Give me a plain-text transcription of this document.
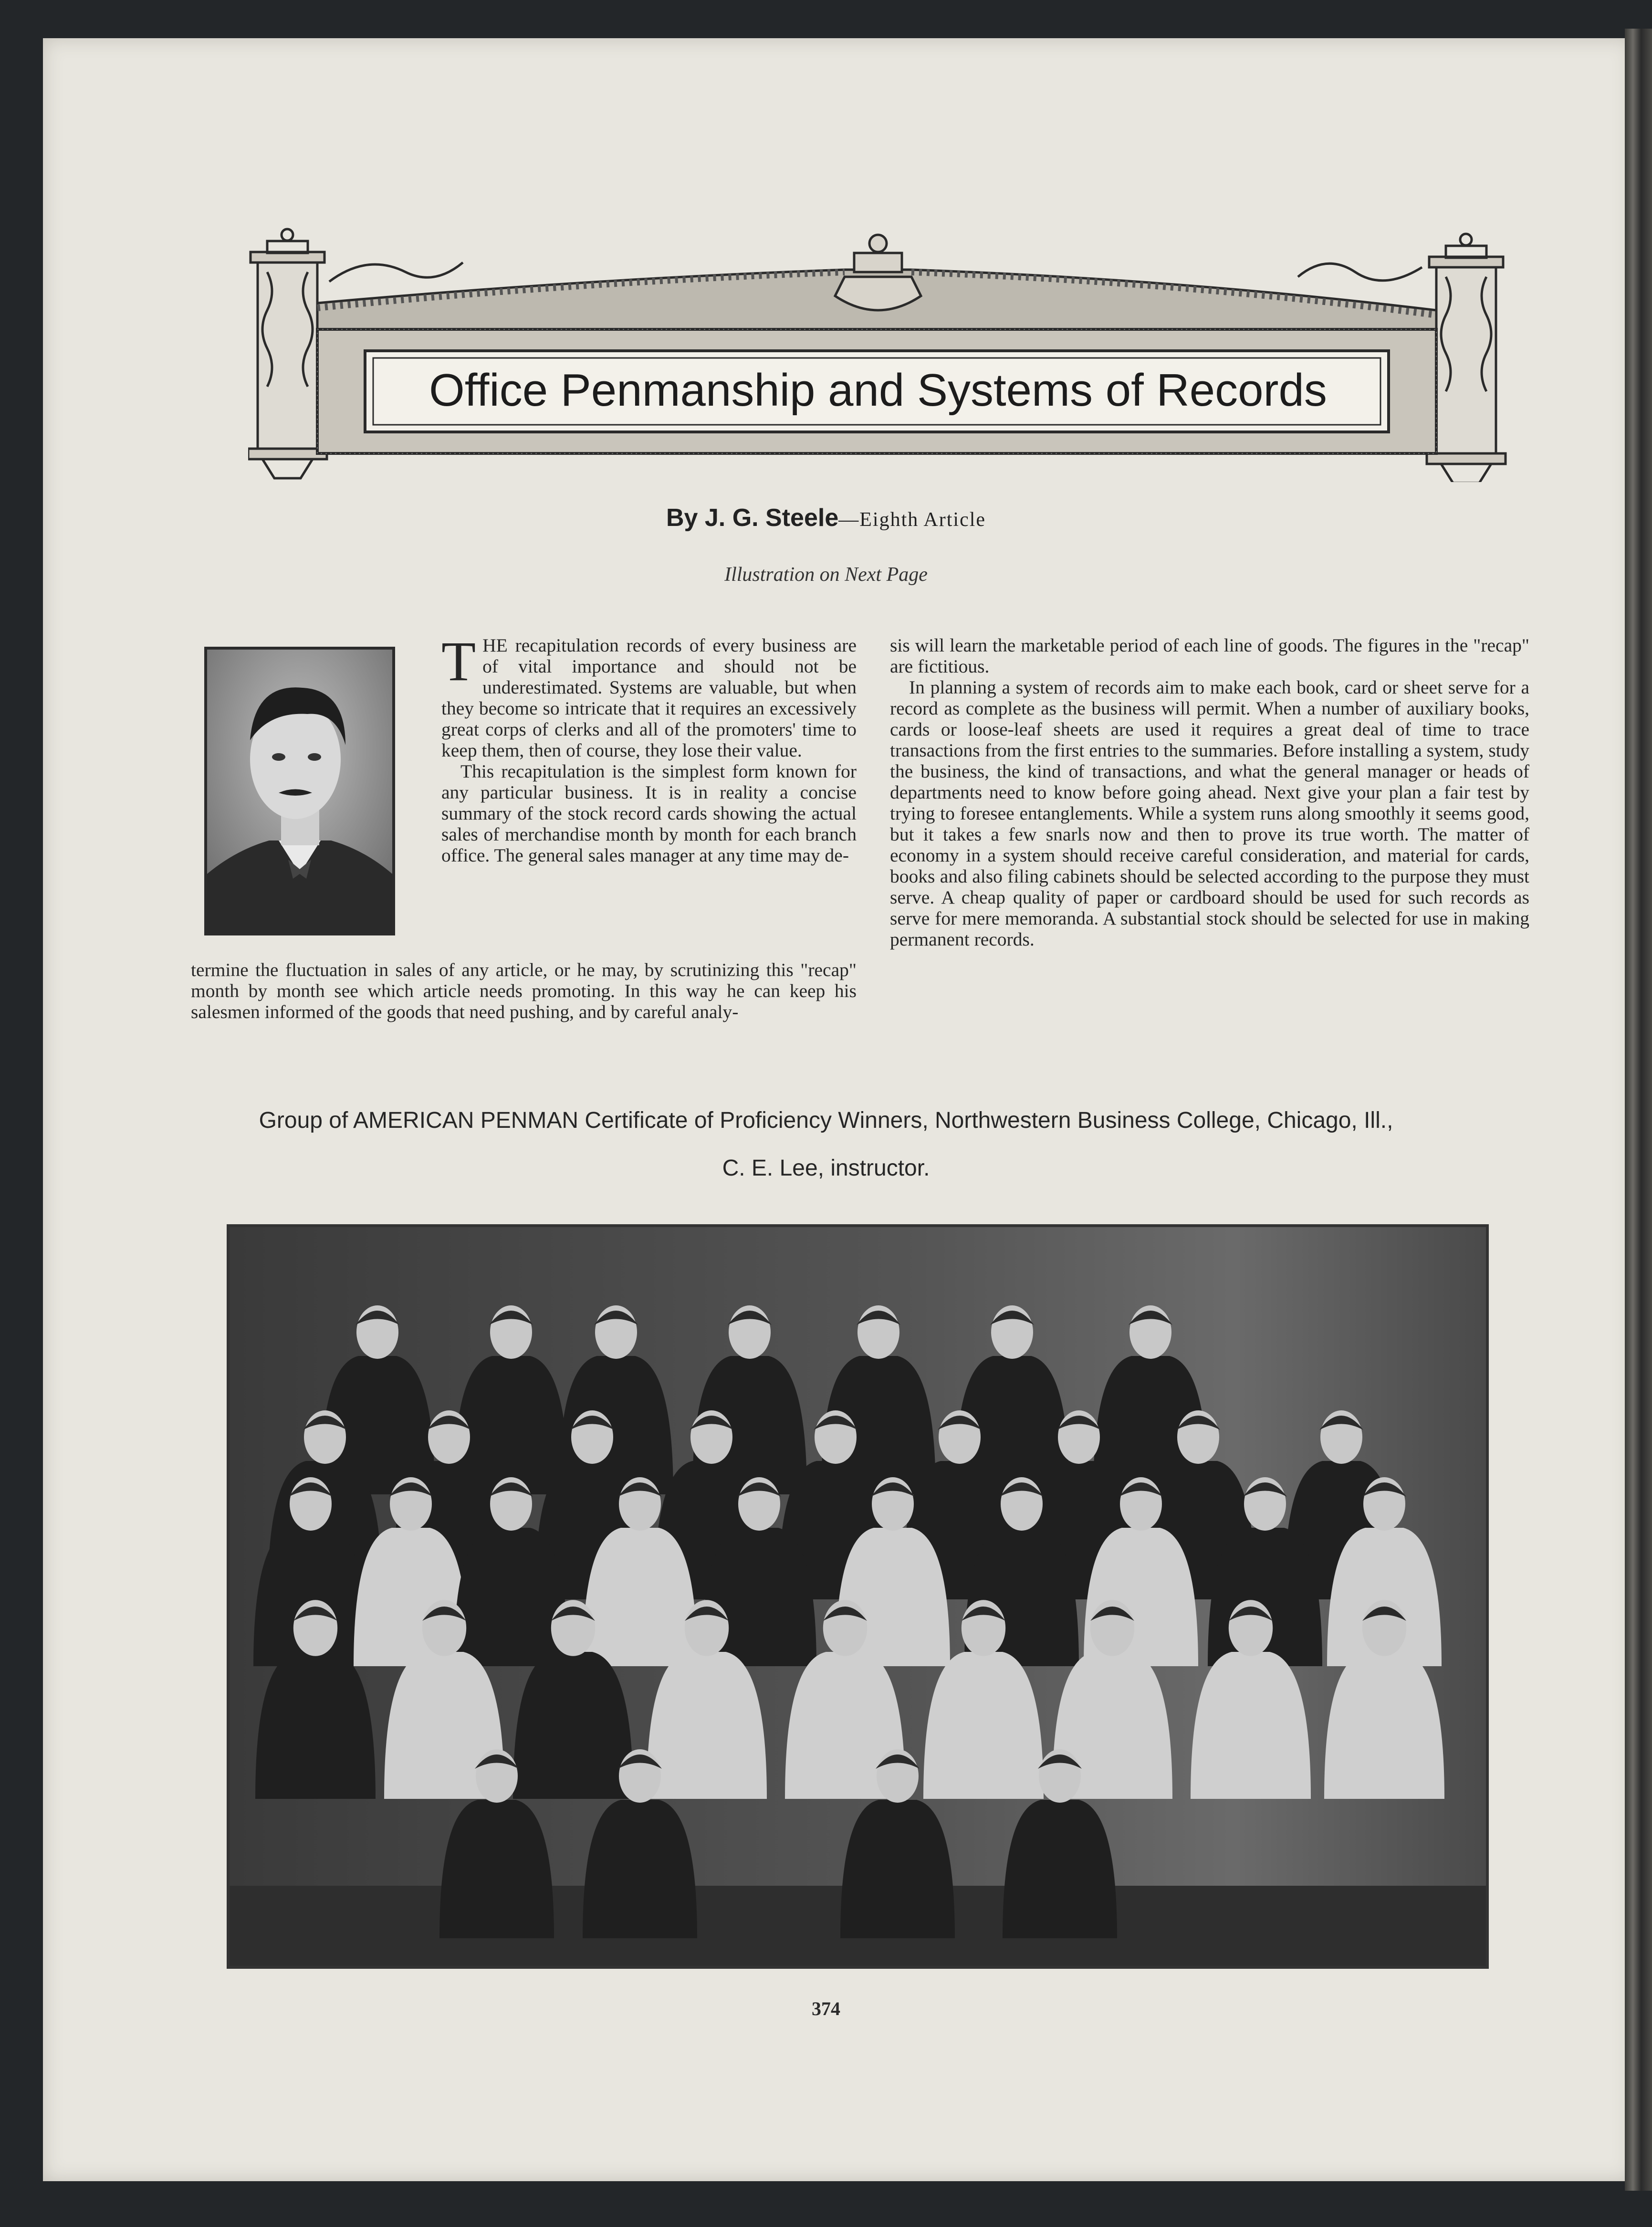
Office Penmanship and Systems of Records
By J. G. Steele—Eighth Article
Illustration on Next Page
T HE recapitulation records of every business are of vital importance and should not be underestimated. Systems are valuable, but when they become so intricate that it requires an excessively great corps of clerks and all of the promoters' time to keep them, then of course, they lose their value.

This recapitulation is the simplest form known for any particular business. It is in reality a concise summary of the stock record cards showing the actual sales of merchandise month by month for each branch office. The general sales manager at any time may de-

termine the fluctuation in sales of any article, or he may, by scrutinizing this "recap" month by month see which article needs promoting. In this way he can keep his salesmen informed of the goods that need pushing, and by careful analy-

sis will learn the marketable period of each line of goods. The figures in the "recap" are fictitious.

In planning a system of records aim to make each book, card or sheet serve for a record as complete as the business will permit. When a number of auxiliary books, cards or loose-leaf sheets are used it requires a great deal of time to trace transactions from the first entries to the summaries. Before installing a system, study the business, the kind of transactions, and what the general manager or heads of departments need to know before going ahead. Next give your plan a fair test by trying to foresee entanglements. While a system runs along smoothly it seems good, but it takes a few snarls now and then to prove its true worth. The matter of economy in a system should receive careful consideration, and material for cards, books and also filing cabinets should be selected according to the purpose they must serve. A cheap quality of paper or cardboard should be used for such records as serve for mere memoranda. A substantial stock should be selected for use in making permanent records.

Group of AMERICAN PENMAN Certificate of Proficiency Winners, Northwestern Business College, Chicago, Ill.,
C. E. Lee, instructor.
374
